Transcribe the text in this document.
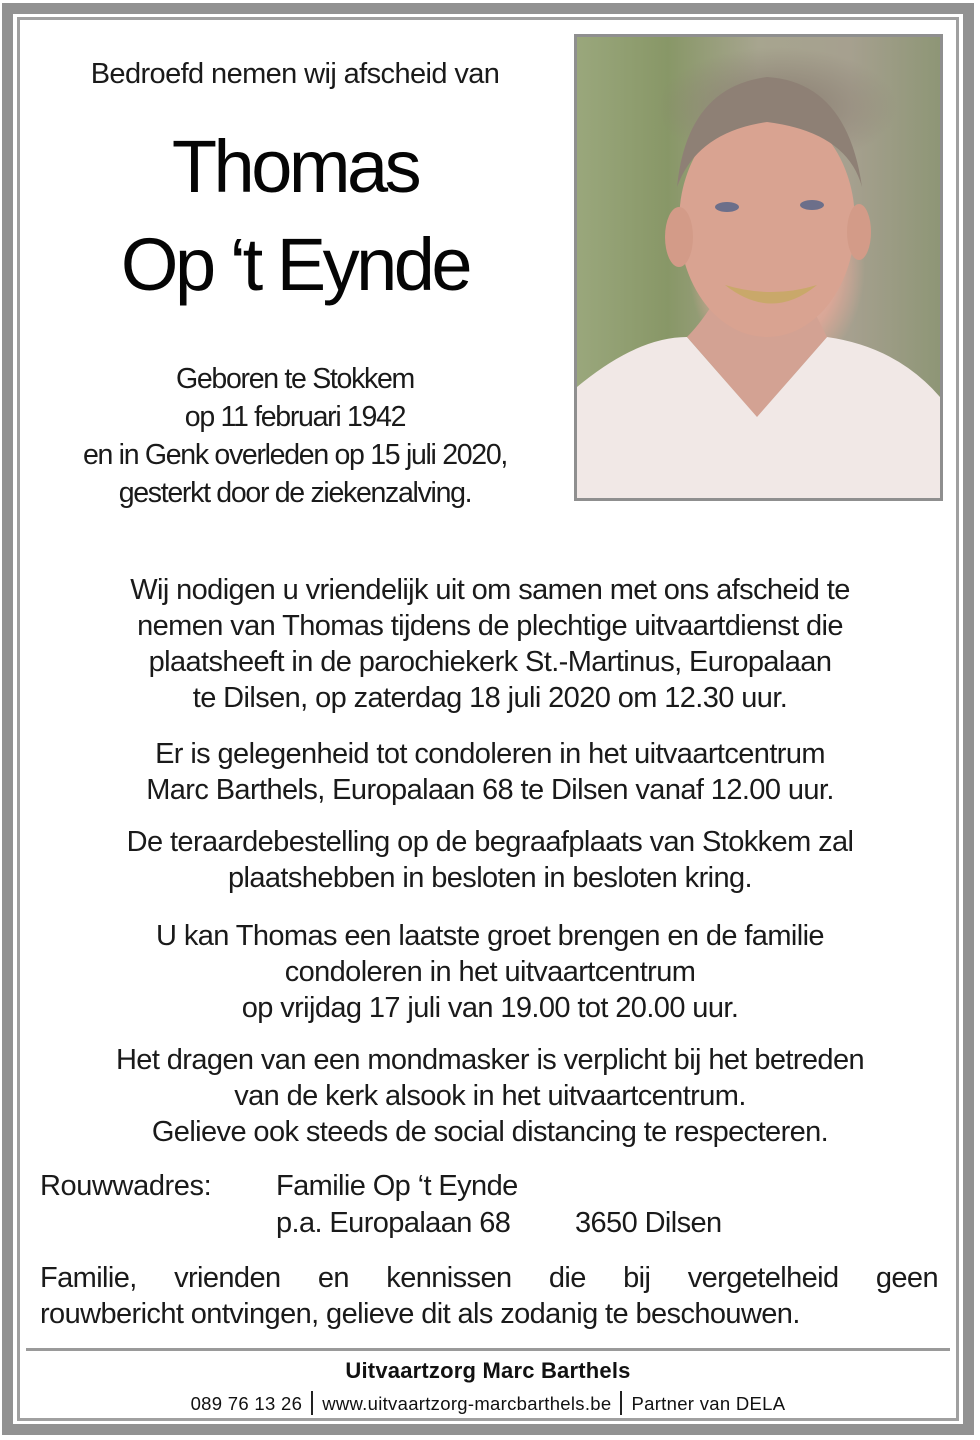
Bedroefd nemen wij afscheid van
Thomas
Op ‘t Eynde
Geboren te Stokkem
op 11 februari 1942
en in Genk overleden op 15 juli 2020,
gesterkt door de ziekenzalving.
Wij nodigen u vriendelijk uit om samen met ons afscheid te
nemen van Thomas tijdens de plechtige uitvaartdienst die
plaatsheeft in de parochiekerk St.-Martinus, Europalaan
te Dilsen, op zaterdag 18 juli 2020 om 12.30 uur.
Er is gelegenheid tot condoleren in het uitvaartcentrum
Marc Barthels, Europalaan 68 te Dilsen vanaf 12.00 uur.
De teraardebestelling op de begraafplaats van Stokkem zal
plaatshebben in besloten in besloten kring.
U kan Thomas een laatste groet brengen en de familie
condoleren in het uitvaartcentrum
op vrijdag 17 juli van 19.00 tot 20.00 uur.
Het dragen van een mondmasker is verplicht bij het betreden
van de kerk alsook in het uitvaartcentrum.
Gelieve ook steeds de social distancing te respecteren.
Rouwwadres: Familie Op ‘t Eynde
p.a. Europalaan 68 3650 Dilsen
Familie, vrienden en kennissen die bij vergetelheid geen
rouwbericht ontvingen, gelieve dit als zodanig te beschouwen.
Uitvaartzorg Marc Barthels
089 76 13 26 www.uitvaartzorg-marcbarthels.be Partner van DELA
